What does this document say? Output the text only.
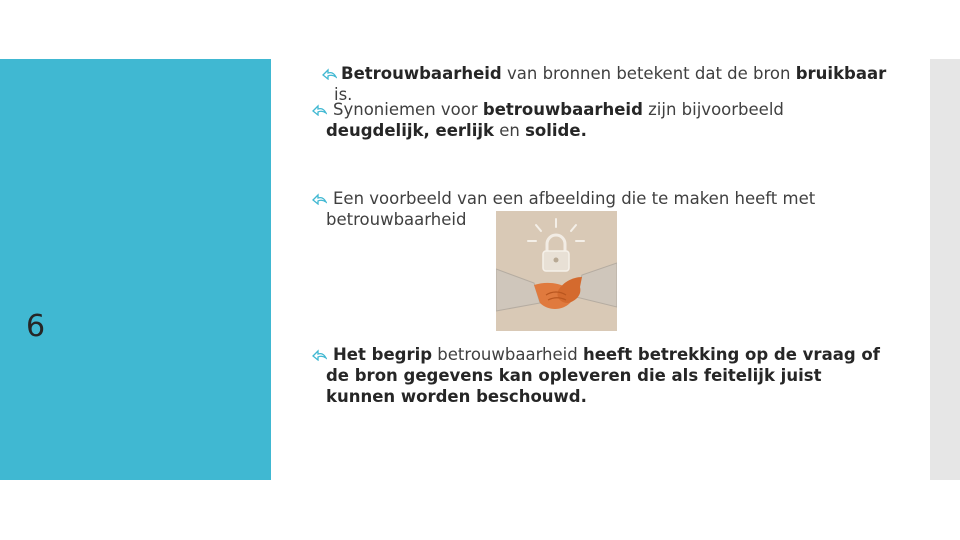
6
Betrouwbaarheid van bronnen betekent dat de bron bruikbaar is.
Synoniemen voor betrouwbaarheid zijn bijvoorbeeld deugdelijk, eerlijk en solide.
Een voorbeeld van een afbeelding die te maken heeft met betrouwbaarheid
Het begrip betrouwbaarheid heeft betrekking op de vraag of de bron gegevens kan opleveren die als feitelijk juist kunnen worden beschouwd.
